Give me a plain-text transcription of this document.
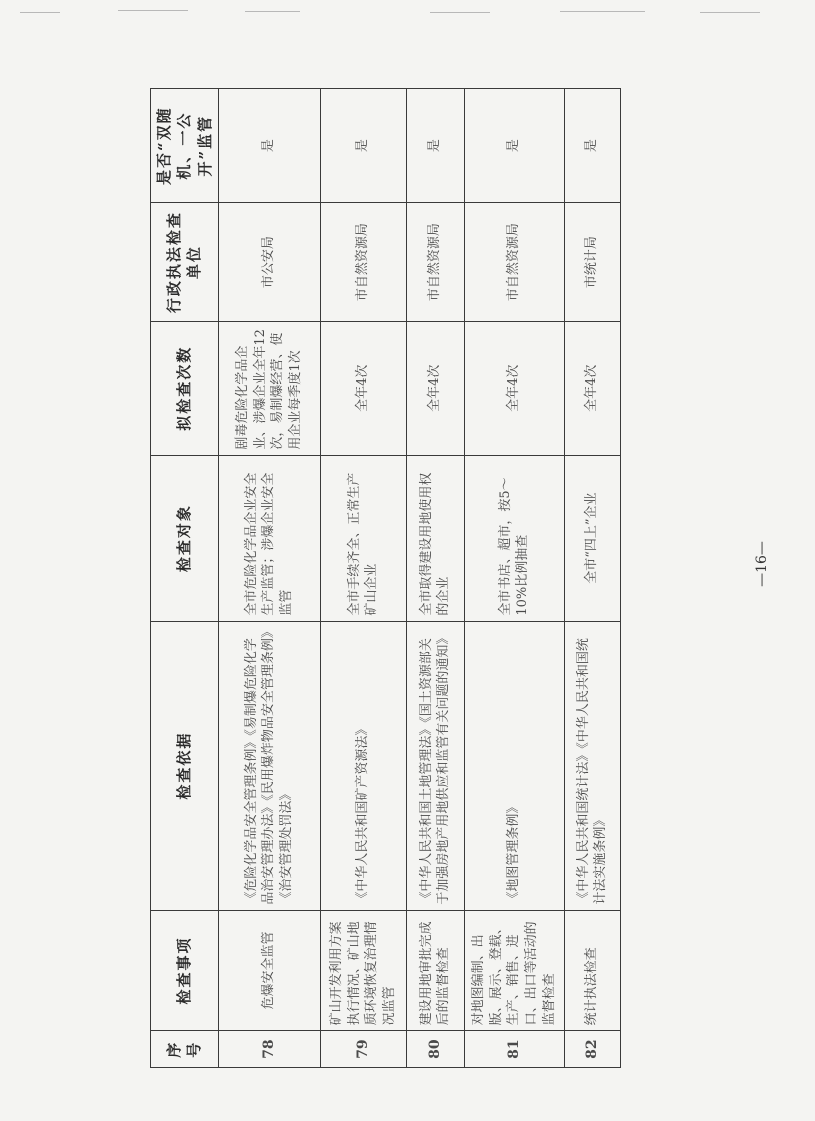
序号	检查事项	检查依据	检查对象	拟检查次数	行政执法检查单位	是否“双随机、一公开”监管
78	危爆安全监管	《危险化学品安全管理条例》《易制爆危险化学品治安管理办法》《民用爆炸物品安全管理条例》《治安管理处罚法》	全市危险化学品企业安全生产监管；涉爆企业安全监管	剧毒危险化学品企业、涉爆企业全年12次，易制爆经营、使用企业每季度1次	市公安局	是
79	矿山开发利用方案执行情况、矿山地质环境恢复治理情况监管	《中华人民共和国矿产资源法》	全市手续齐全、正常生产矿山企业	全年4次	市自然资源局	是
80	建设用地审批完成后的监督检查	《中华人民共和国土地管理法》《国土资源部关于加强房地产用地供应和监管有关问题的通知》	全市取得建设用地使用权的企业	全年4次	市自然资源局	是
81	对地图编制、出版、展示、登载、生产、销售、进口、出口等活动的监督检查	《地图管理条例》	全市书店、超市，按5～10%比例抽查	全年4次	市自然资源局	是
82	统计执法检查	《中华人民共和国统计法》《中华人民共和国统计法实施条例》	全市“四上”企业	全年4次	市统计局	是
—16—
